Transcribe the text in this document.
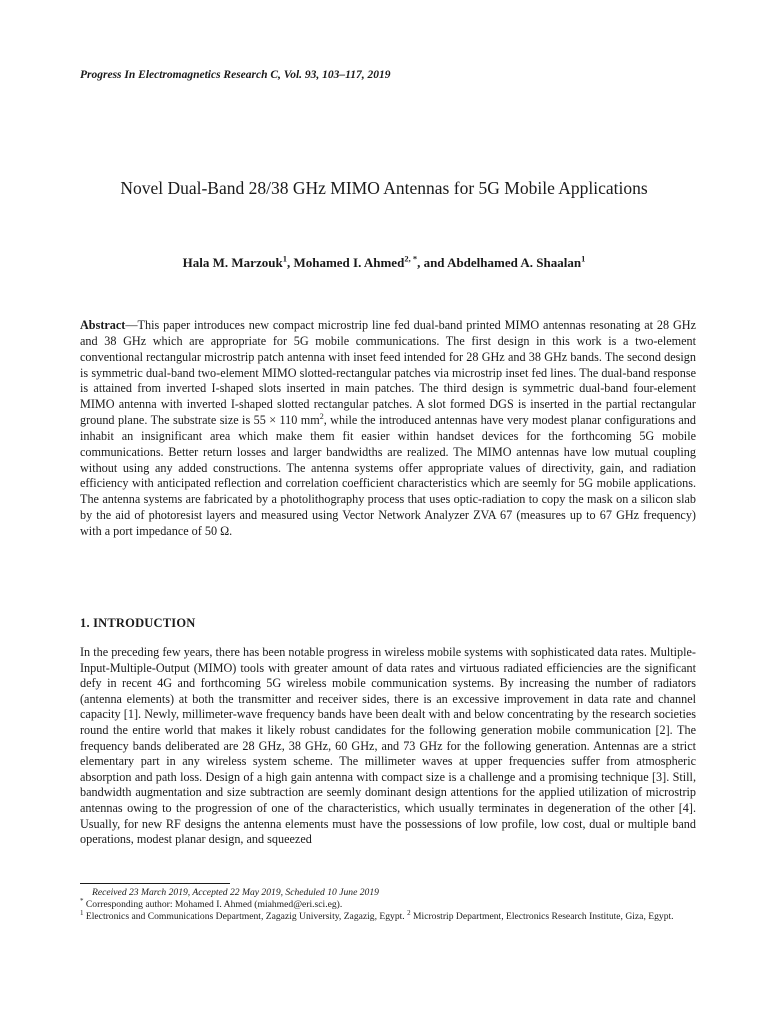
Progress In Electromagnetics Research C, Vol. 93, 103–117, 2019
Novel Dual-Band 28/38 GHz MIMO Antennas for 5G Mobile Applications
Hala M. Marzouk$^1$, Mohamed I. Ahmed$^{2, *}$, and Abdelhamed A. Shaalan$^1$
Abstract—This paper introduces new compact microstrip line fed dual-band printed MIMO antennas resonating at 28 GHz and 38 GHz which are appropriate for 5G mobile communications. The first design in this work is a two-element conventional rectangular microstrip patch antenna with inset feed intended for 28 GHz and 38 GHz bands. The second design is symmetric dual-band two-element MIMO slotted-rectangular patches via microstrip inset fed lines. The dual-band response is attained from inverted I-shaped slots inserted in main patches. The third design is symmetric dual-band four-element MIMO antenna with inverted I-shaped slotted rectangular patches. A slot formed DGS is inserted in the partial rectangular ground plane. The substrate size is 55 × 110 $mm^2$, while the introduced antennas have very modest planar configurations and inhabit an insignificant area which make them fit easier within handset devices for the forthcoming 5G mobile communications. Better return losses and larger bandwidths are realized. The MIMO antennas have low mutual coupling without using any added constructions. The antenna systems offer appropriate values of directivity, gain, and radiation efficiency with anticipated reflection and correlation coefficient characteristics which are seemly for 5G mobile applications. The antenna systems are fabricated by a photolithography process that uses optic-radiation to copy the mask on a silicon slab by the aid of photoresist layers and measured using Vector Network Analyzer ZVA 67 (measures up to 67 GHz frequency) with a port impedance of 50 Ω.
1. INTRODUCTION
In the preceding few years, there has been notable progress in wireless mobile systems with sophisticated data rates. Multiple-Input-Multiple-Output (MIMO) tools with greater amount of data rates and virtuous radiated efficiencies are the significant defy in recent 4G and forthcoming 5G wireless mobile communication systems. By increasing the number of radiators (antenna elements) at both the transmitter and receiver sides, there is an excessive improvement in data rate and channel capacity [1]. Newly, millimeter-wave frequency bands have been dealt with and below concentrating by the research societies round the entire world that makes it likely robust candidates for the following generation mobile communication [2]. The frequency bands deliberated are 28 GHz, 38 GHz, 60 GHz, and 73 GHz for the following generation. Antennas are a strict elementary part in any wireless system scheme. The millimeter waves at upper frequencies suffer from atmospheric absorption and path loss. Design of a high gain antenna with compact size is a challenge and a promising technique [3]. Still, bandwidth augmentation and size subtraction are seemly dominant design attentions for the applied utilization of microstrip antennas owing to the progression of one of the characteristics, which usually terminates in degeneration of the other [4]. Usually, for new RF designs the antenna elements must have the possessions of low profile, low cost, dual or multiple band operations, modest planar design, and squeezed
Received 23 March 2019, Accepted 22 May 2019, Scheduled 10 June 2019
* Corresponding author: Mohamed I. Ahmed (miahmed@eri.sci.eg).
$^1$ Electronics and Communications Department, Zagazig University, Zagazig, Egypt. $^2$ Microstrip Department, Electronics Research Institute, Giza, Egypt.
